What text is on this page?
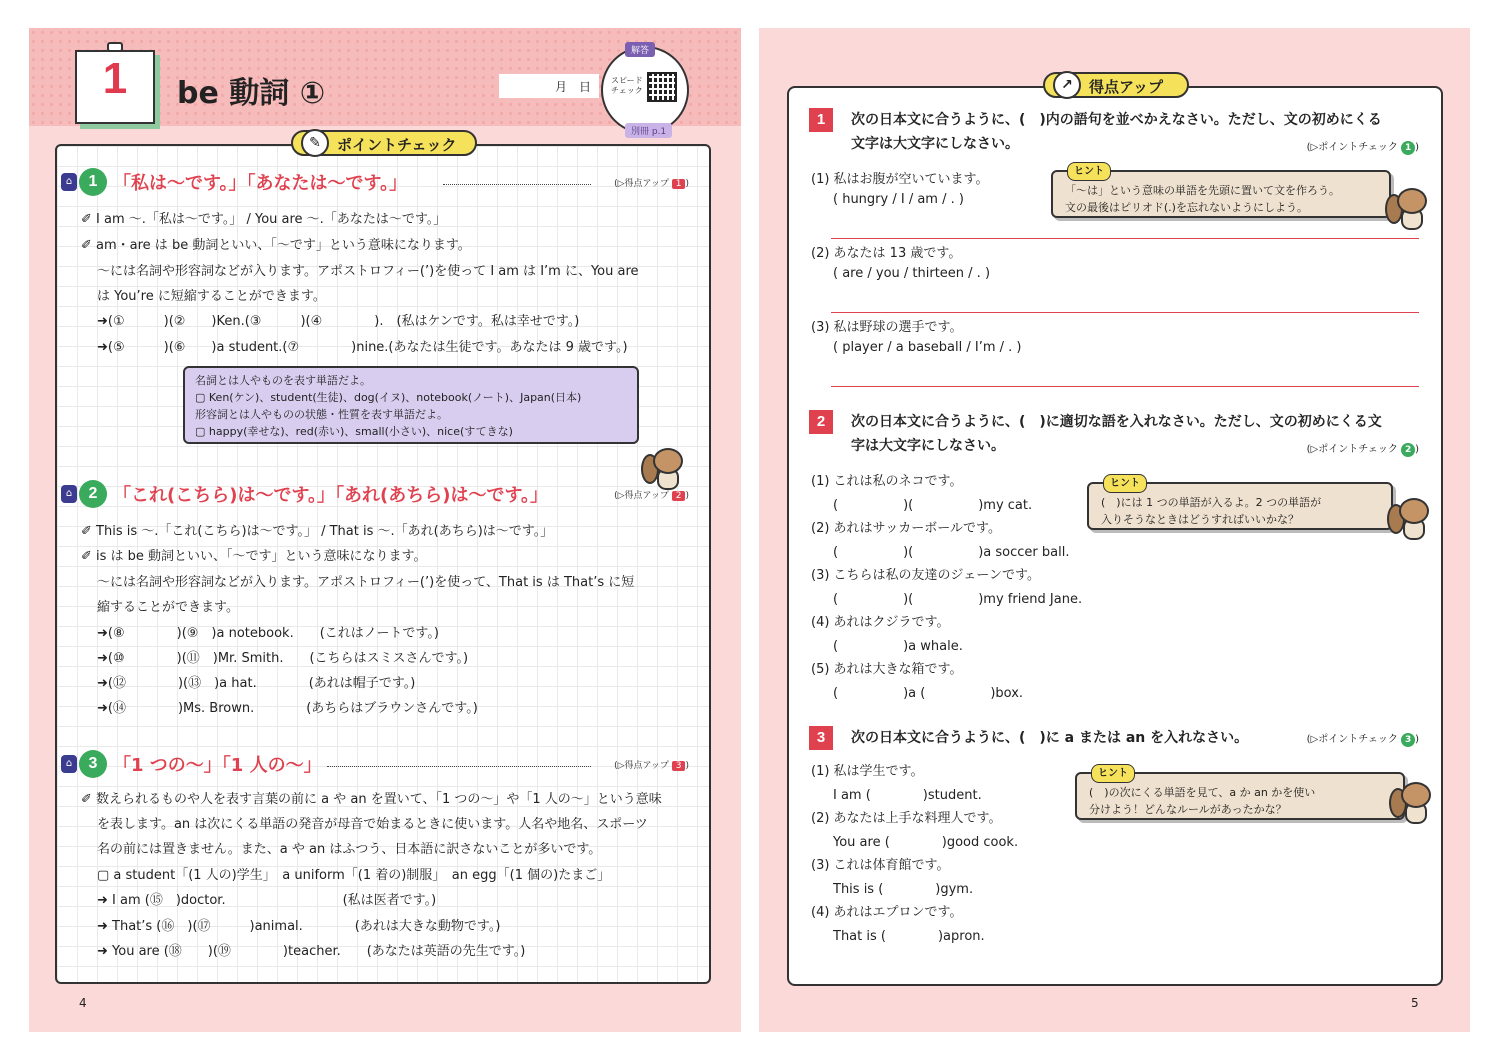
1	be 動詞 ①	月　日
解答
スピード
チェック
別冊 p.1
⌂ 1 「私は～です。」「あなたは～です。」	(▷得点アップ 1 )
✐ I am ～.「私は～です。」 / You are ～.「あなたは～です。」
✐ am・are は be 動詞といい、「～です」という意味になります。
～には名詞や形容詞などが入ります。アポストロフィー(’)を使って I am は I’m に、You are
は You’re に短縮することができます。
➜(①　　　)(②　　)Ken.(③　　　)(④　　　　).　(私はケンです。私は幸せです。)
➜(⑤　　　)(⑥　　)a student.(⑦　　　　)nine.(あなたは生徒です。あなたは 9 歳です。)
名詞とは人やものを表す単語だよ。
▢ Ken(ケン)、student(生徒)、dog(イヌ)、notebook(ノート)、Japan(日本)
形容詞とは人やものの状態・性質を表す単語だよ。
▢ happy(幸せな)、red(赤い)、small(小さい)、nice(すてきな)
⌂ 2 「これ(こちら)は～です。」「あれ(あちら)は～です。」	(▷得点アップ 2 )
✐ This is ～.「これ(こちら)は～です。」 / That is ～.「あれ(あちら)は～です。」
✐ is は be 動詞といい、「～です」という意味になります。
～には名詞や形容詞などが入ります。アポストロフィー(’)を使って、That is は That’s に短
縮することができます。
➜(⑧　　　　)(⑨　)a notebook.　　(これはノートです。)
➜(⑩　　　　)(⑪　)Mr. Smith.　　(こちらはスミスさんです。)
➜(⑫　　　　)(⑬　)a hat.　　　　(あれは帽子です。)
➜(⑭　　　　)Ms. Brown.　　　　(あちらはブラウンさんです。)
⌂ 3 「1 つの～」「1 人の～」	(▷得点アップ 3 )
✐ 数えられるものや人を表す言葉の前に a や an を置いて、「1 つの～」や「1 人の～」という意味
を表します。an は次にくる単語の発音が母音で始まるときに使います。人名や地名、スポーツ
名の前には置きません。また、a や an はふつう、日本語に訳さないことが多いです。
▢ a student「(1 人の)学生」　a uniform「(1 着の)制服」　an egg「(1 個の)たまご」
➜ I am (⑮　)doctor.　　　　　　　　　(私は医者です。)
➜ That’s (⑯　)(⑰　　　)animal.　　　　(あれは大きな動物です。)
➜ You are (⑱　　)(⑲　　　　)teacher.　　(あなたは英語の先生です。)
✎	ポイントチェック
4
1	次の日本文に合うように、(　)内の語句を並べかえなさい。ただし、文の初めにくる
文字は大文字にしなさい。	(▷ポイントチェック 1 )
(1) 私はお腹が空いています。
( hungry / I / am / . )
(2) あなたは 13 歳です。
( are / you / thirteen / . )
(3) 私は野球の選手です。
( player / a baseball / I’m / . )
ヒント
「～は」という意味の単語を先頭に置いて文を作ろう。
文の最後はピリオド(.)を忘れないようにしよう。
2	次の日本文に合うように、(　)に適切な語を入れなさい。ただし、文の初めにくる文
字は大文字にしなさい。	(▷ポイントチェック 2 )
(1) これは私のネコです。
(　　　　　)(　　　　　)my cat.
(2) あれはサッカーボールです。
(　　　　　)(　　　　　)a soccer ball.
(3) こちらは私の友達のジェーンです。
(　　　　　)(　　　　　)my friend Jane.
(4) あれはクジラです。
(　　　　　)a whale.
(5) あれは大きな箱です。
(　　　　　)a (　　　　　)box.
ヒント
(　)には 1 つの単語が入るよ。2 つの単語が
入りそうなときはどうすればいいかな？
3	次の日本文に合うように、(　)に a または an を入れなさい。	(▷ポイントチェック 3 )
(1) 私は学生です。
I am (　　　　)student.
(2) あなたは上手な料理人です。
You are (　　　　)good cook.
(3) これは体育館です。
This is (　　　　)gym.
(4) あれはエプロンです。
That is (　　　　)apron.
ヒント
(　)の次にくる単語を見て、a か an かを使い
分けよう！どんなルールがあったかな？
↗	得点アップ
5
